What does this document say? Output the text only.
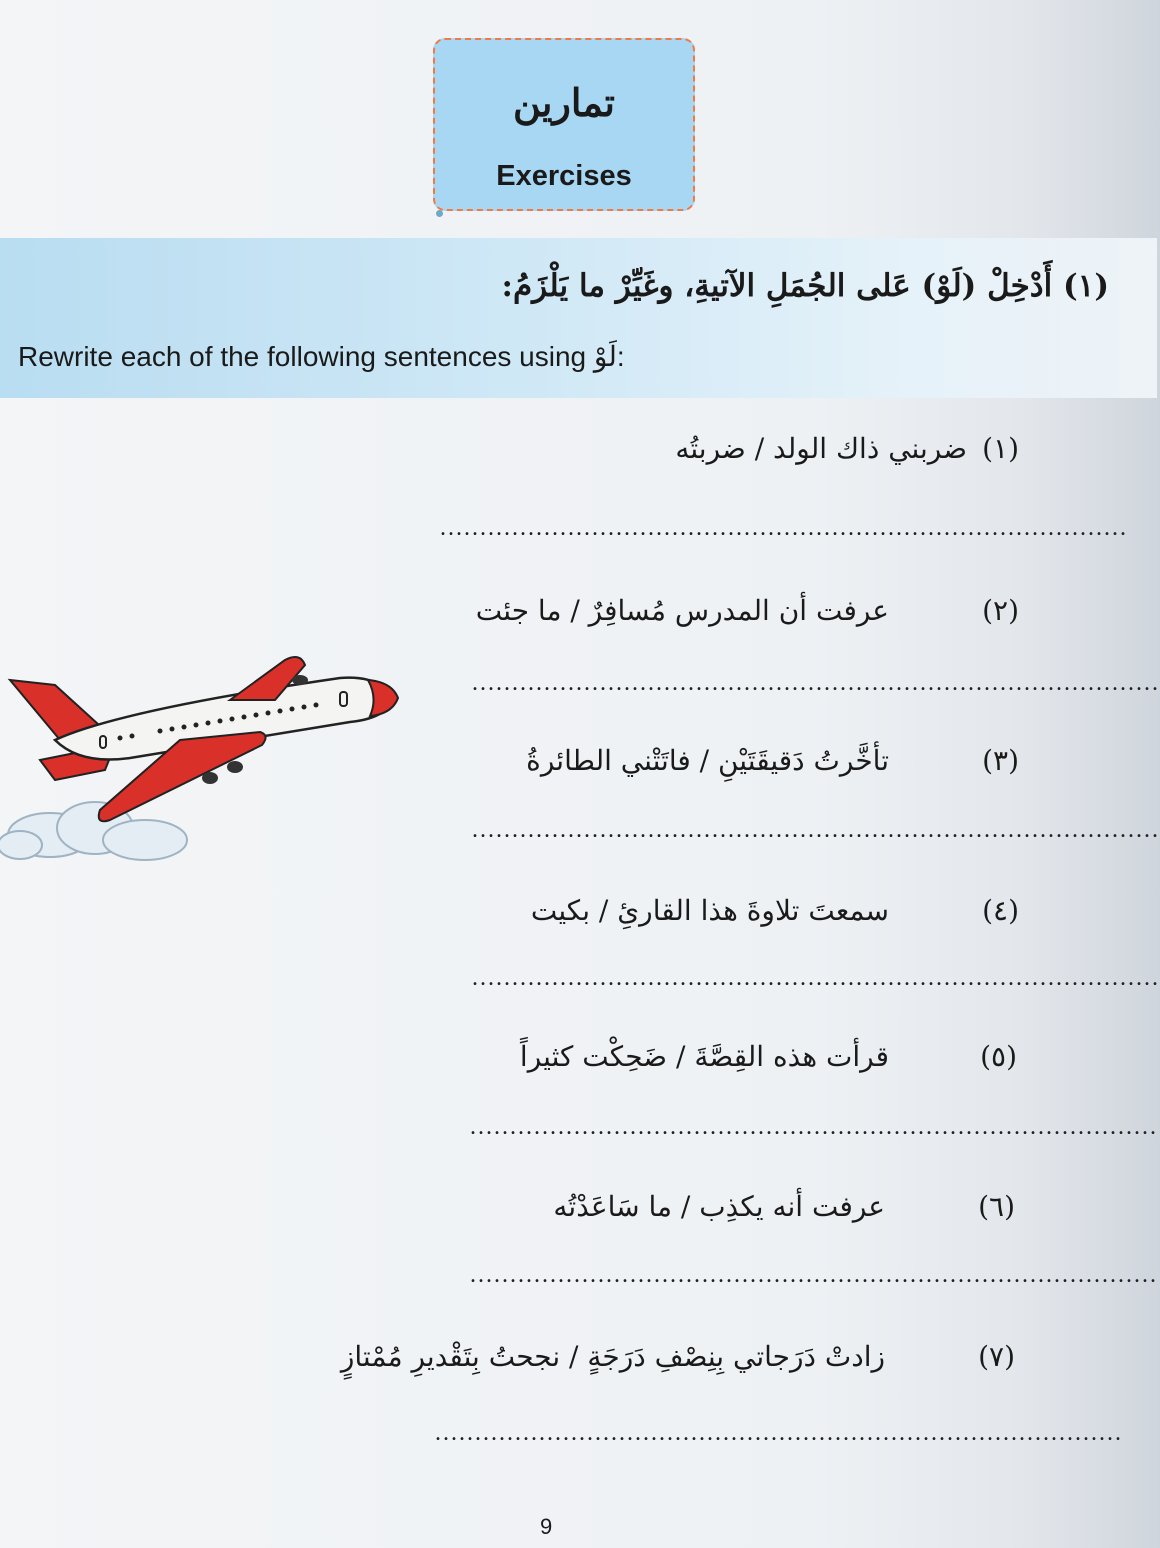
تمارين
Exercises
(١) أَدْخِلْ (لَوْ) عَلى الجُمَلِ الآتيةِ، وغَيِّرْ ما يَلْزَمُ:
Rewrite each of the following sentences using لَوْ:
(١)
ضربني ذاك الولد / ضربتُه
......................................................................................
(٢)
عرفت أن المدرس مُسافِرٌ / ما جئت
......................................................................................
(٣)
تأخَّرتُ دَقيقَتَيْنِ / فاتَتْني الطائرةُ
......................................................................................
(٤)
سمعتَ تلاوةَ هذا القارئِ / بكيت
......................................................................................
(٥)
قرأت هذه القِصَّةَ / ضَحِكْت كثيراً
......................................................................................
(٦)
عرفت أنه يكذِب / ما سَاعَدْتُه
......................................................................................
(٧)
زادتْ دَرَجاتي بِنِصْفِ دَرَجَةٍ / نجحتُ بِتَقْديرِ مُمْتازٍ
......................................................................................
9
